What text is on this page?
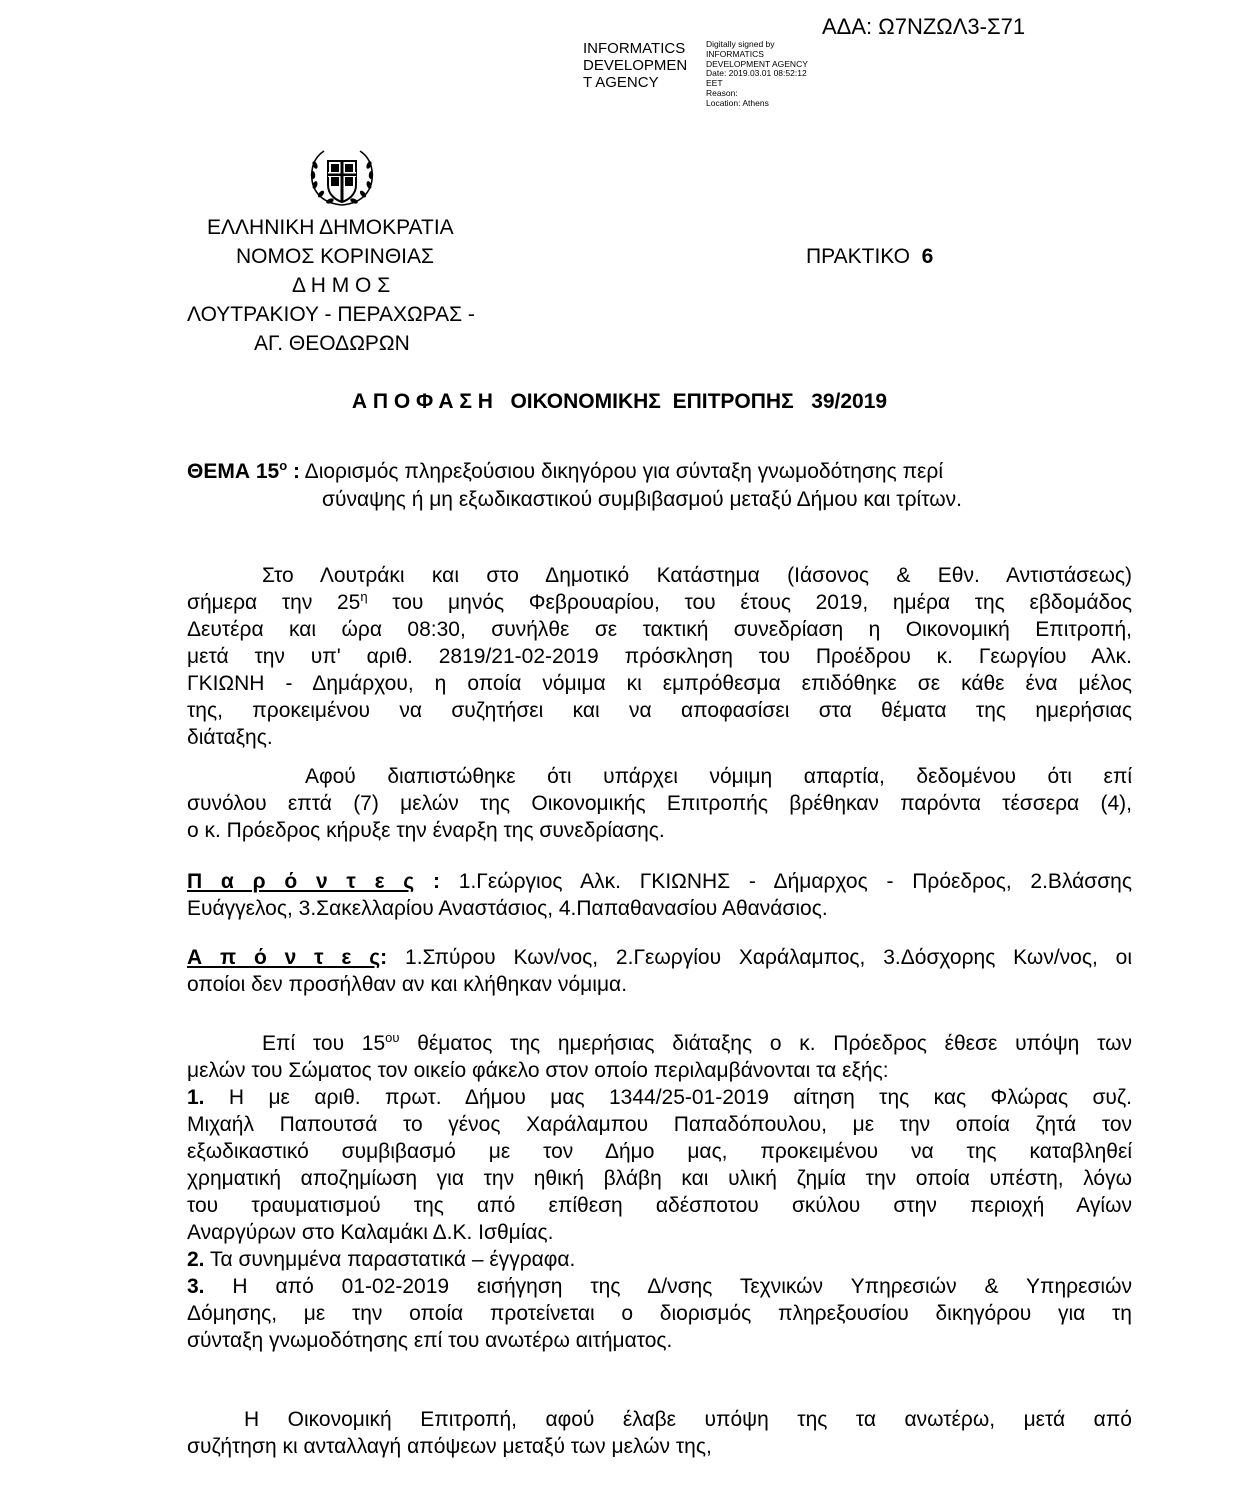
ΑΔΑ: Ω7ΝΖΩΛ3-Σ71
INFORMATICS
DEVELOPMEN
T AGENCY
Digitally signed by
INFORMATICS
DEVELOPMENT AGENCY
Date: 2019.03.01 08:52:12
EET
Reason:
Location: Athens
ΕΛΛΗΝΙΚΗ ΔΗΜΟΚΡΑΤΙΑ
ΝΟΜΟΣ ΚΟΡΙΝΘΙΑΣ
Δ Η Μ Ο Σ
ΛΟΥΤΡΑΚΙΟΥ - ΠΕΡΑΧΩΡΑΣ -
ΑΓ. ΘΕΟΔΩΡΩΝ
ΠΡΑΚΤΙΚΟ 6
Α Π Ο Φ Α Σ Η   ΟΙΚΟΝΟΜΙΚΗΣ  ΕΠΙΤΡΟΠΗΣ   39/2019
ΘΕΜΑ $15^o$ : Διορισμός πληρεξούσιου δικηγόρου για σύνταξη γνωμοδότησης περί
σύναψης ή μη εξωδικαστικού συμβιβασμού μεταξύ Δήμου και τρίτων.
Στο Λουτράκι και στο Δημοτικό Κατάστημα (Ιάσονος & Εθν. Αντιστάσεως)
σήμερα την $25^\eta$ του μηνός Φεβρουαρίου, του έτους 2019, ημέρα της εβδομάδος
Δευτέρα και ώρα 08:30, συνήλθε σε τακτική συνεδρίαση η Οικονομική Επιτροπή,
μετά την υπ' αριθ. 2819/21-02-2019 πρόσκληση του Προέδρου κ. Γεωργίου Αλκ.
ΓΚΙΩΝΗ - Δημάρχου, η οποία νόμιμα κι εμπρόθεσμα επιδόθηκε σε κάθε ένα μέλος
της, προκειμένου να συζητήσει και να αποφασίσει στα θέματα της ημερήσιας
διάταξης.
Αφού διαπιστώθηκε ότι υπάρχει νόμιμη απαρτία, δεδομένου ότι επί
συνόλου επτά (7) μελών της Οικονομικής Επιτροπής βρέθηκαν παρόντα τέσσερα (4),
ο κ. Πρόεδρος κήρυξε την έναρξη της συνεδρίασης.
Π α ρ ό ν τ ε ς : 1.Γεώργιος Αλκ. ΓΚΙΩΝΗΣ - Δήμαρχος - Πρόεδρος, 2.Βλάσσης
Ευάγγελος, 3.Σακελλαρίου Αναστάσιος, 4.Παπαθανασίου Αθανάσιος.
Α π ό ν τ ε ς: 1.Σπύρου Κων/νος, 2.Γεωργίου Χαράλαμπος, 3.Δόσχορης Κων/νος, οι
οποίοι δεν προσήλθαν αν και κλήθηκαν νόμιμα.
Επί του $15^{o\upsilon}$ θέματος της ημερήσιας διάταξης ο κ. Πρόεδρος έθεσε υπόψη των
μελών του Σώματος τον οικείο φάκελο στον οποίο περιλαμβάνονται τα εξής:
1. Η με αριθ. πρωτ. Δήμου μας 1344/25-01-2019 αίτηση της κας Φλώρας συζ.
Μιχαήλ Παπουτσά το γένος Χαράλαμπου Παπαδόπουλου, με την οποία ζητά τον
εξωδικαστικό συμβιβασμό με τον Δήμο μας, προκειμένου να της καταβληθεί
χρηματική αποζημίωση για την ηθική βλάβη και υλική ζημία την οποία υπέστη, λόγω
του τραυματισμού της από επίθεση αδέσποτου σκύλου στην περιοχή Αγίων
Αναργύρων στο Καλαμάκι Δ.Κ. Ισθμίας.
2. Τα συνημμένα παραστατικά – έγγραφα.
3. Η από 01-02-2019 εισήγηση της Δ/νσης Τεχνικών Υπηρεσιών & Υπηρεσιών
Δόμησης, με την οποία προτείνεται ο διορισμός πληρεξουσίου δικηγόρου για τη
σύνταξη γνωμοδότησης επί του ανωτέρω αιτήματος.
Η Οικονομική Επιτροπή, αφού έλαβε υπόψη της τα ανωτέρω, μετά από
συζήτηση κι ανταλλαγή απόψεων μεταξύ των μελών της,
